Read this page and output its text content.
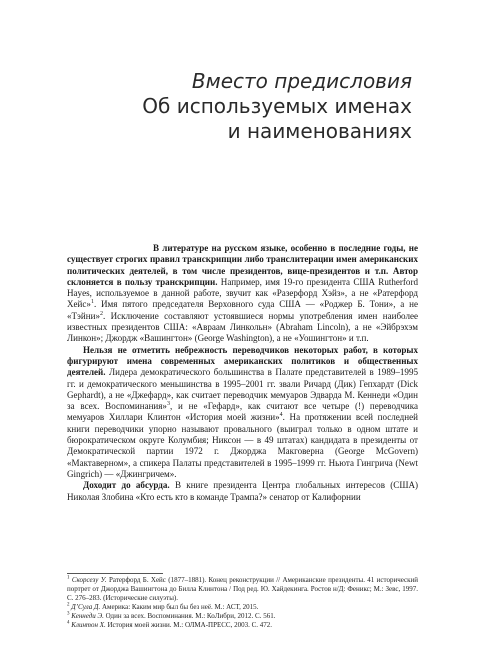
Вместо предисловия
Об используемых именах
и наименованиях

В литературе на русском языке, особенно в последние годы, не существует строгих правил транскрипции либо транслитерации имен американских политических деятелей, в том числе президентов, вице-президентов и т.п. Автор склоняется в пользу транскрипции. Например, имя 19-го президента США Rutherford Hayes, используемое в данной работе, звучит как «Разерфорд Хэйз», а не «Ратерфорд Хейс»$^1$. Имя пятого председателя Верховного суда США — «Роджер Б. Тони», а не «Тэйни»$^2$. Исключение составляют устоявшиеся нормы употребления имен наиболее известных президентов США: «Авраам Линкольн» (Abraham Lincoln), а не «Эйбрэхэм Линкон»; Джордж «Вашингтон» (George Washington), а не «Уошингтон» и т.п.

Нельзя не отметить небрежность переводчиков некоторых работ, в которых фигурируют имена современных американских политиков и общественных деятелей. Лидера демократического большинства в Палате представителей в 1989–1995 гг. и демократического меньшинства в 1995–2001 гг. звали Ричард (Дик) Гепхардт (Dick Gephardt), а не «Джефард», как считает переводчик мемуаров Эдварда М. Кеннеди «Один за всех. Воспоминания»$^3$, и не «Гефард», как считают все четыре (!) переводчика мемуаров Хиллари Клинтон «История моей жизни»$^4$. На протяжении всей последней книги переводчики упорно называют провального (выиграл только в одном штате и бюрократическом округе Колумбия; Никсон — в 49 штатах) кандидата в президенты от Демократической партии 1972 г. Джорджа Макговерна (George McGovern) «Мактаверном», а спикера Палаты представителей в 1995–1999 гг. Ньюта Гингрича (Newt Gingrich) — «Джингричем».

Доходит до абсурда. В книге президента Центра глобальных интересов (США) Николая Злобина «Кто есть кто в команде Трампа?» сенатор от Калифорнии

$^1$ Скорсезу У. Ратерфорд Б. Хейс (1877–1881). Конец реконструкции // Американские президенты. 41 исторический портрет от Джорджа Вашингтона до Билла Клинтона / Под ред. Ю. Хайдекинга. Ростов н/Д: Феникс; М.: Зевс, 1997. С. 276–283. (Исторические силуэты).

$^2$ Д’Сула Д. Америка: Каким мир был бы без неё. М.: АСТ, 2015.

$^3$ Кеннеди Э. Один за всех. Воспоминания. М.: КоЛибри, 2012. С. 561.

$^4$ Клинтон Х. История моей жизни. М.: ОЛМА-ПРЕСС, 2003. С. 472.
